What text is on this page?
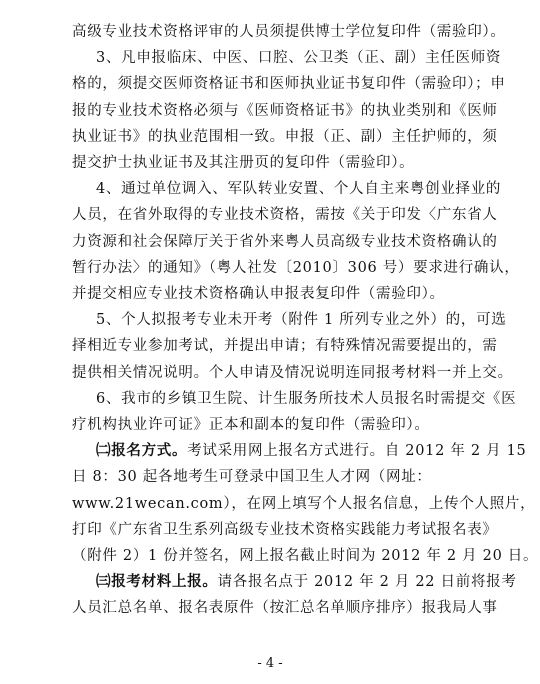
高级专业技术资格评审的人员须提供博士学位复印件（需验印）。
3、凡申报临床、中医、口腔、公卫类（正、副）主任医师资
格的，须提交医师资格证书和医师执业证书复印件（需验印）；申
报的专业技术资格必须与《医师资格证书》的执业类别和《医师
执业证书》的执业范围相一致。申报（正、副）主任护师的，须
提交护士执业证书及其注册页的复印件（需验印）。
4、通过单位调入、军队转业安置、个人自主来粤创业择业的
人员，在省外取得的专业技术资格，需按《关于印发〈广东省人
力资源和社会保障厅关于省外来粤人员高级专业技术资格确认的
暂行办法〉的通知》（粤人社发〔2010〕306 号）要求进行确认，
并提交相应专业技术资格确认申报表复印件（需验印）。
5、个人拟报考专业未开考（附件 1 所列专业之外）的，可选
择相近专业参加考试，并提出申请；有特殊情况需要提出的，需
提供相关情况说明。个人申请及情况说明连同报考材料一并上交。
6、我市的乡镇卫生院、计生服务所技术人员报名时需提交《医
疗机构执业许可证》正本和副本的复印件（需验印）。
㈡报名方式。考试采用网上报名方式进行。自 2012 年 2 月 15
日 8：30 起各地考生可登录中国卫生人才网（网址：
www.21wecan.com），在网上填写个人报名信息，上传个人照片，
打印《广东省卫生系列高级专业技术资格实践能力考试报名表》
（附件 2）1 份并签名，网上报名截止时间为 2012 年 2 月 20 日。
㈢报考材料上报。请各报名点于 2012 年 2 月 22 日前将报考
人员汇总名单、报名表原件（按汇总名单顺序排序）报我局人事
- 4 -
